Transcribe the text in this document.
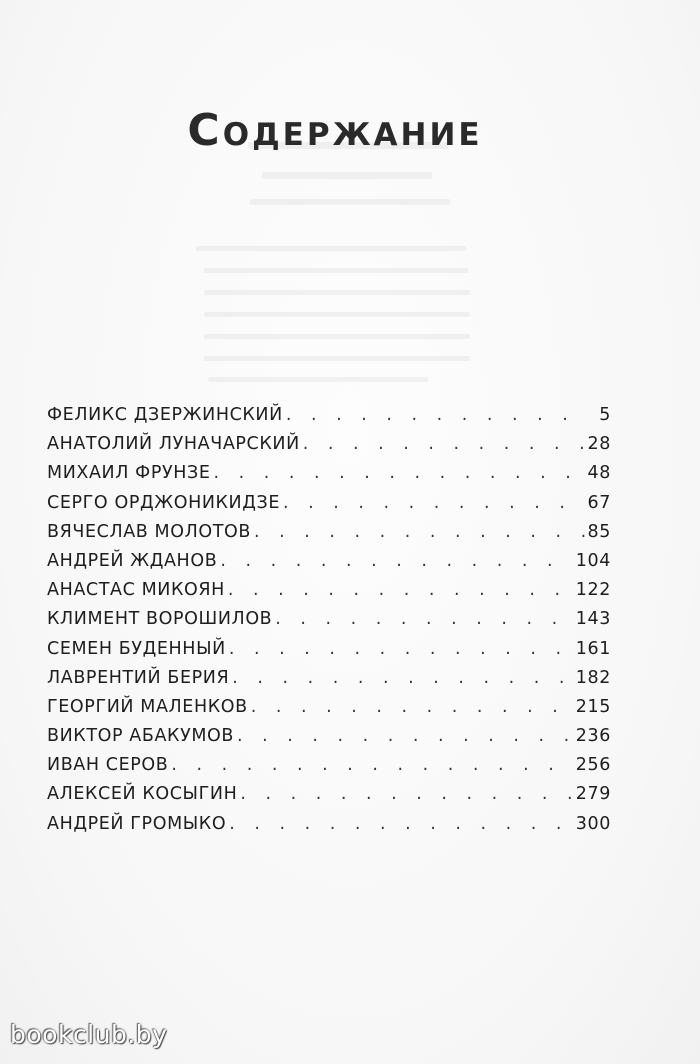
Содержание
ФЕЛИКС ДЗЕРЖИНСКИЙ . . .	5
АНАТОЛИЙ ЛУНАЧАРСКИЙ . . .	28
МИХАИЛ ФРУНЗЕ . . .	48
СЕРГО ОРДЖОНИКИДЗЕ . . .	67
ВЯЧЕСЛАВ МОЛОТОВ . . .	85
АНДРЕЙ ЖДАНОВ . . .	104
АНАСТАС МИКОЯН . . .	122
КЛИМЕНТ ВОРОШИЛОВ . . .	143
СЕМЕН БУДЕННЫЙ . . .	161
ЛАВРЕНТИЙ БЕРИЯ . . .	182
ГЕОРГИЙ МАЛЕНКОВ . . .	215
ВИКТОР АБАКУМОВ . . .	236
ИВАН СЕРОВ . . .	256
АЛЕКСЕЙ КОСЫГИН . . .	279
АНДРЕЙ ГРОМЫКО . . .	300
bookclub.by
